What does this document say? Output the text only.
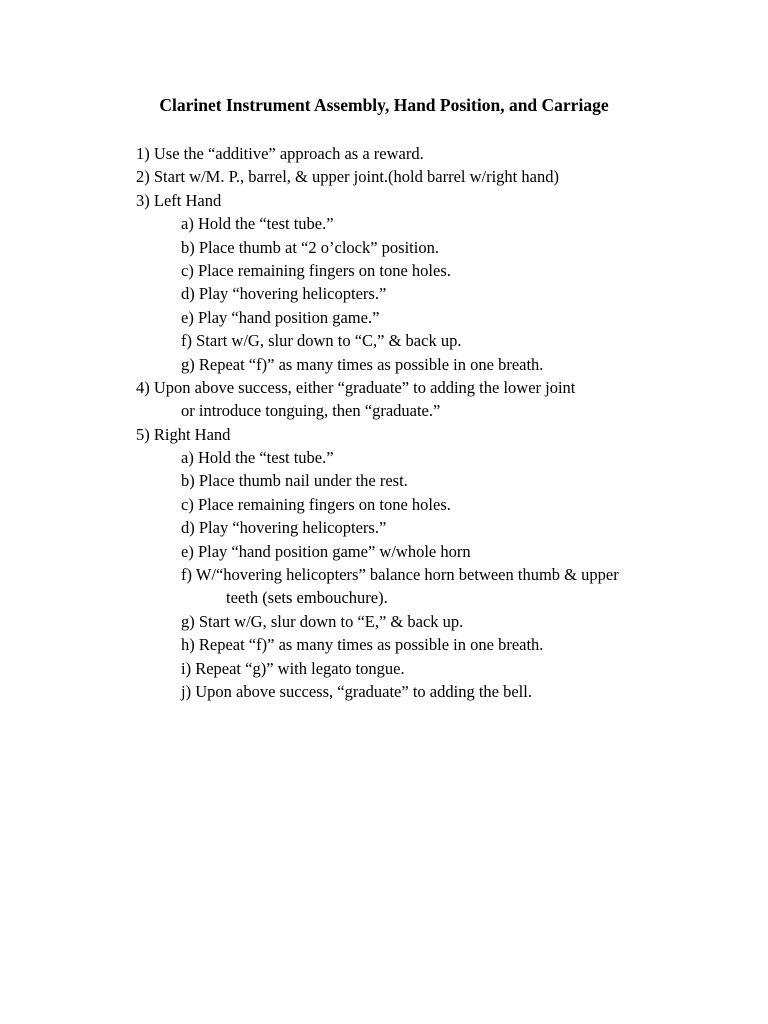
Clarinet Instrument Assembly, Hand Position, and Carriage
1) Use the “additive” approach as a reward.
2) Start w/M. P., barrel, & upper joint.(hold barrel w/right hand)
3) Left Hand
a) Hold the “test tube.”
b) Place thumb at “2 o’clock” position.
c) Place remaining fingers on tone holes.
d) Play “hovering helicopters.”
e) Play “hand position game.”
f) Start w/G, slur down to “C,” & back up.
g) Repeat “f)” as many times as possible in one breath.
4) Upon above success, either “graduate” to adding the lower joint
or introduce tonguing, then “graduate.”
5) Right Hand
a) Hold the “test tube.”
b) Place thumb nail under the rest.
c) Place remaining fingers on tone holes.
d) Play “hovering helicopters.”
e) Play “hand position game” w/whole horn
f) W/“hovering helicopters” balance horn between thumb & upper
teeth (sets embouchure).
g) Start w/G, slur down to “E,” & back up.
h) Repeat “f)” as many times as possible in one breath.
i) Repeat “g)” with legato tongue.
j) Upon above success, “graduate” to adding the bell.
